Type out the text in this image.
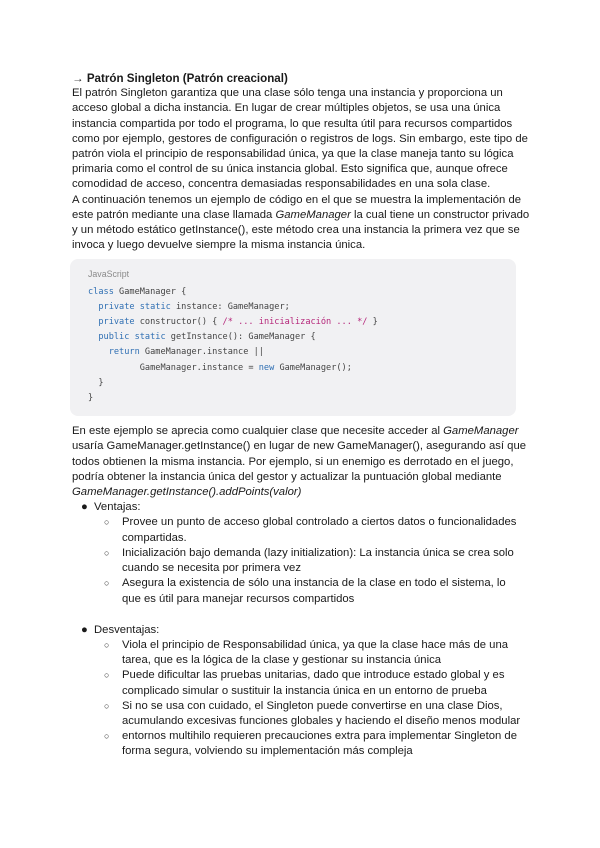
→ Patrón Singleton (Patrón creacional)

El patrón Singleton garantiza que una clase sólo tenga una instancia y proporciona un acceso global a dicha instancia. En lugar de crear múltiples objetos, se usa una única instancia compartida por todo el programa, lo que resulta útil para recursos compartidos como por ejemplo, gestores de configuración o registros de logs. Sin embargo, este tipo de patrón viola el principio de responsabilidad única, ya que la clase maneja tanto su lógica primaria como el control de su única instancia global. Esto significa que, aunque ofrece comodidad de acceso, concentra demasiadas responsabilidades en una sola clase.

A continuación tenemos un ejemplo de código en el que se muestra la implementación de este patrón mediante una clase llamada GameManager la cual tiene un constructor privado y un método estático getInstance(), este método crea una instancia la primera vez que se invoca y luego devuelve siempre la misma instancia única.

JavaScript
class GameManager {
private static instance: GameManager;
private constructor() { /* ... inicialización ... */ }
public static getInstance(): GameManager {
return GameManager.instance ||
GameManager.instance = new GameManager();
}
}

En este ejemplo se aprecia como cualquier clase que necesite acceder al GameManager usaría GameManager.getInstance() en lugar de new GameManager(), asegurando así que todos obtienen la misma instancia. Por ejemplo, si un enemigo es derrotado en el juego, podría obtener la instancia única del gestor y actualizar la puntuación global mediante GameManager.getInstance().addPoints(valor)

● Ventajas:
○ Provee un punto de acceso global controlado a ciertos datos o funcionalidades compartidas.
○ Inicialización bajo demanda (lazy initialization): La instancia única se crea solo cuando se necesita por primera vez
○ Asegura la existencia de sólo una instancia de la clase en todo el sistema, lo que es útil para manejar recursos compartidos
● Desventajas:
○ Viola el principio de Responsabilidad única, ya que la clase hace más de una tarea, que es la lógica de la clase y gestionar su instancia única
○ Puede dificultar las pruebas unitarias, dado que introduce estado global y es complicado simular o sustituir la instancia única en un entorno de prueba
○ Si no se usa con cuidado, el Singleton puede convertirse en una clase Dios, acumulando excesivas funciones globales y haciendo el diseño menos modular
○ entornos multihilo requieren precauciones extra para implementar Singleton de forma segura, volviendo su implementación más compleja
